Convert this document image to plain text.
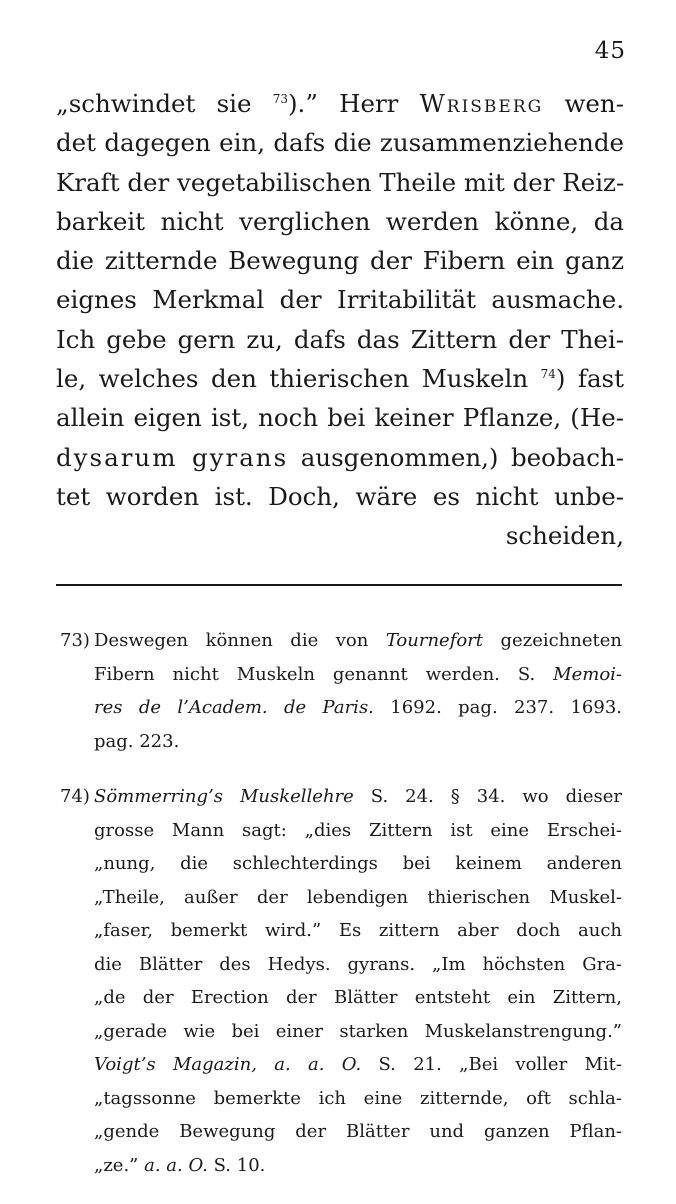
45
„schwindet sie $^{73}$).” Herr Wrisberg wen-
det dagegen ein, dafs die zusammenziehende
Kraft der vegetabilischen Theile mit der Reiz-
barkeit nicht verglichen werden könne, da
die zitternde Bewegung der Fibern ein ganz
eignes Merkmal der Irritabilität ausmache.
Ich gebe gern zu, dafs das Zittern der Thei-
le, welches den thierischen Muskeln $^{74}$) fast
allein eigen ist, noch bei keiner Pflanze, (He-
dysarum gyrans ausgenommen,) beobach-
tet worden ist. Doch, wäre es nicht unbe-
scheiden,
73) Deswegen können die von Tournefort gezeichneten
Fibern nicht Muskeln genannt werden. S. Memoi-
res de l’Academ. de Paris. 1692. pag. 237. 1693.
pag. 223.
74) Sömmerring’s Muskellehre S. 24. § 34. wo dieser
grosse Mann sagt: „dies Zittern ist eine Erschei-
„nung, die schlechterdings bei keinem anderen
„Theile, außer der lebendigen thierischen Muskel-
„faser, bemerkt wird.” Es zittern aber doch auch
die Blätter des Hedys. gyrans. „Im höchsten Gra-
„de der Erection der Blätter entsteht ein Zittern,
„gerade wie bei einer starken Muskelanstrengung.”
Voigt’s Magazin, a. a. O. S. 21. „Bei voller Mit-
„tagssonne bemerkte ich eine zitternde, oft schla-
„gende Bewegung der Blätter und ganzen Pflan-
„ze.” a. a. O. S. 10.
